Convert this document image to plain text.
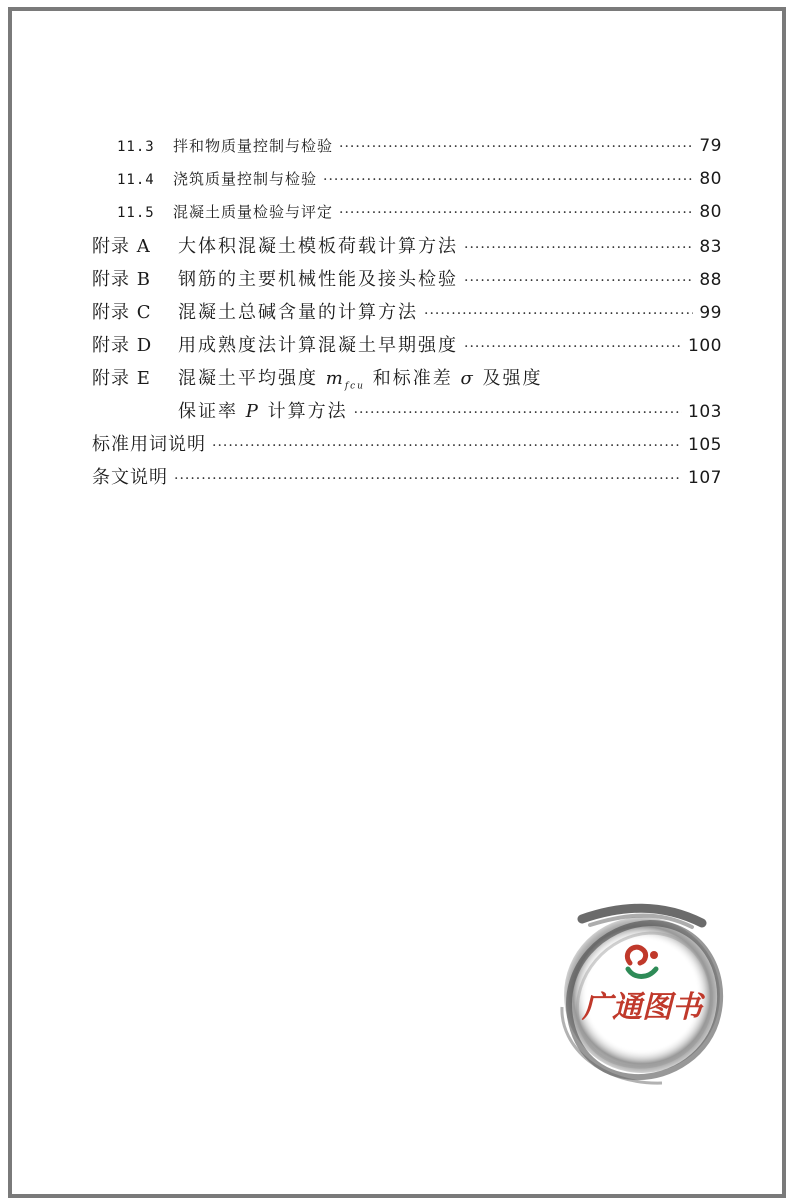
11.3	拌和物质量控制与检验 ·····	79
11.4	浇筑质量控制与检验 ·····	80
11.5	混凝土质量检验与评定 ·····	80
附录 A	大体积混凝土模板荷载计算方法 ·····	83
附录 B	钢筋的主要机械性能及接头检验 ·····	88
附录 C	混凝土总碱含量的计算方法 ·····	99
附录 D	用成熟度法计算混凝土早期强度 ·····	100
附录 E	混凝土平均强度 $m_{fcu}$ 和标准差 σ 及强度
保证率 P 计算方法 ·····	103
标准用词说明 ·····	105
条文说明 ·····	107
广通图书
